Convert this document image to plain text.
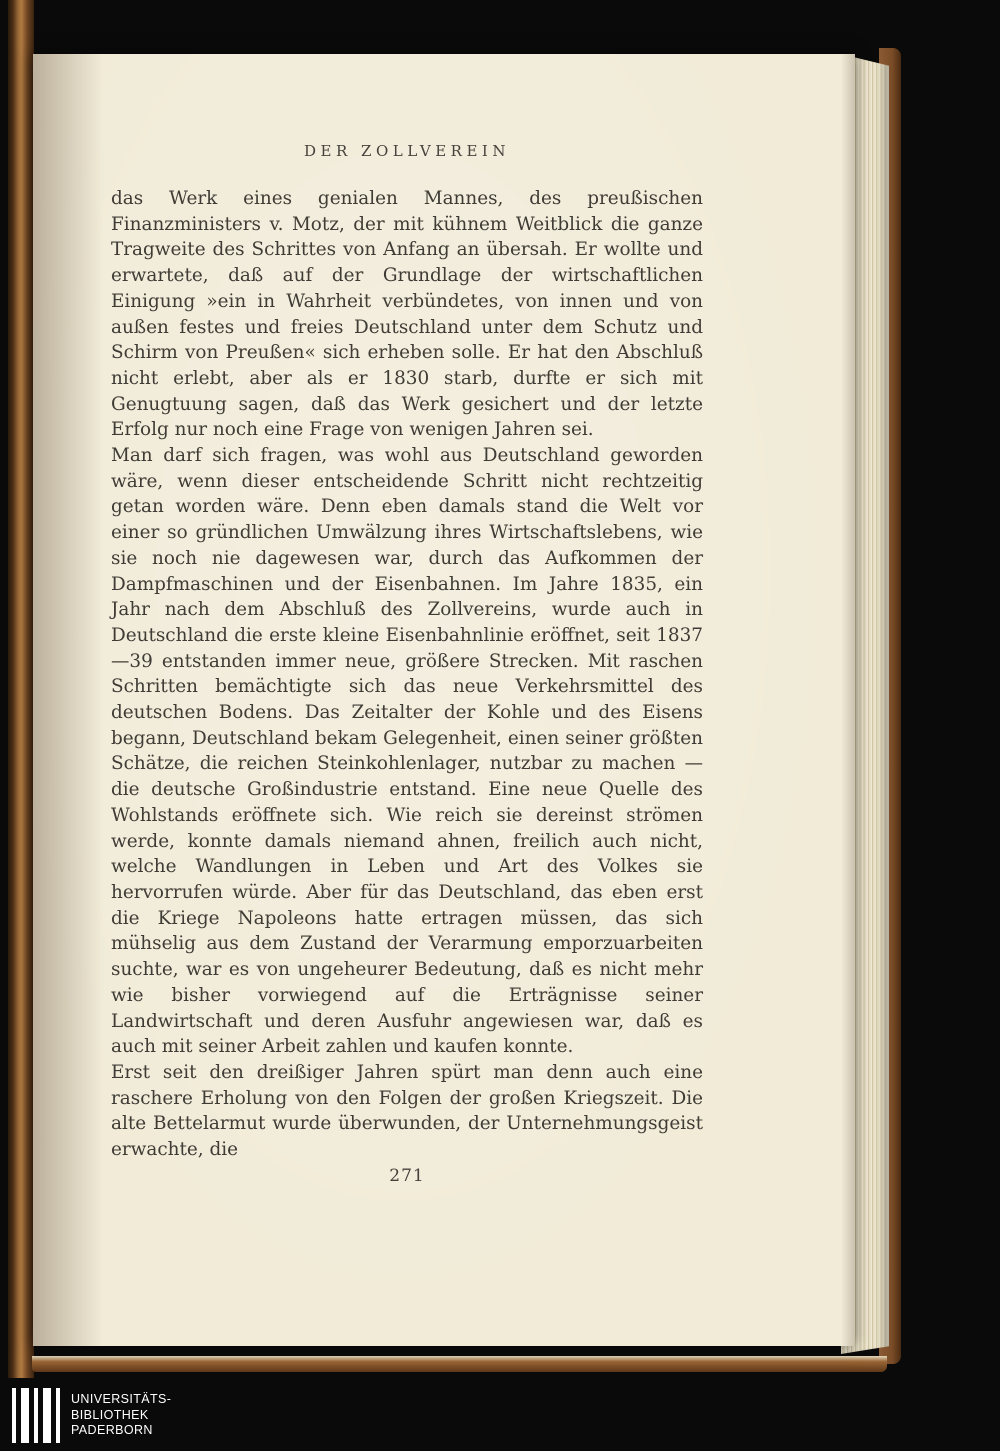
DER ZOLLVEREIN

das Werk eines genialen Mannes, des preußischen Finanzministers v. Motz, der mit kühnem Weitblick die ganze Tragweite des Schrittes von Anfang an übersah. Er wollte und erwartete, daß auf der Grundlage der wirtschaftlichen Einigung »ein in Wahrheit verbündetes, von innen und von außen festes und freies Deutschland unter dem Schutz und Schirm von Preußen« sich erheben solle. Er hat den Abschluß nicht erlebt, aber als er 1830 starb, durfte er sich mit Genugtuung sagen, daß das Werk gesichert und der letzte Erfolg nur noch eine Frage von wenigen Jahren sei.

Man darf sich fragen, was wohl aus Deutschland geworden wäre, wenn dieser entscheidende Schritt nicht rechtzeitig getan worden wäre. Denn eben damals stand die Welt vor einer so gründlichen Umwälzung ihres Wirtschaftslebens, wie sie noch nie dagewesen war, durch das Aufkommen der Dampfmaschinen und der Eisenbahnen. Im Jahre 1835, ein Jahr nach dem Abschluß des Zollvereins, wurde auch in Deutschland die erste kleine Eisenbahnlinie eröffnet, seit 1837—39 entstanden immer neue, größere Strecken. Mit raschen Schritten bemächtigte sich das neue Verkehrsmittel des deutschen Bodens. Das Zeitalter der Kohle und des Eisens begann, Deutschland bekam Gelegenheit, einen seiner größten Schätze, die reichen Steinkohlenlager, nutzbar zu machen — die deutsche Großindustrie entstand. Eine neue Quelle des Wohlstands eröffnete sich. Wie reich sie dereinst strömen werde, konnte damals niemand ahnen, freilich auch nicht, welche Wandlungen in Leben und Art des Volkes sie hervorrufen würde. Aber für das Deutschland, das eben erst die Kriege Napoleons hatte ertragen müssen, das sich mühselig aus dem Zustand der Verarmung emporzuarbeiten suchte, war es von ungeheurer Bedeutung, daß es nicht mehr wie bisher vorwiegend auf die Erträgnisse seiner Landwirtschaft und deren Ausfuhr angewiesen war, daß es auch mit seiner Arbeit zahlen und kaufen konnte.

Erst seit den dreißiger Jahren spürt man denn auch eine raschere Erholung von den Folgen der großen Kriegszeit. Die alte Bettelarmut wurde überwunden, der Unternehmungsgeist erwachte, die

271
UNIVERSITÄTS-
BIBLIOTHEK
PADERBORN
